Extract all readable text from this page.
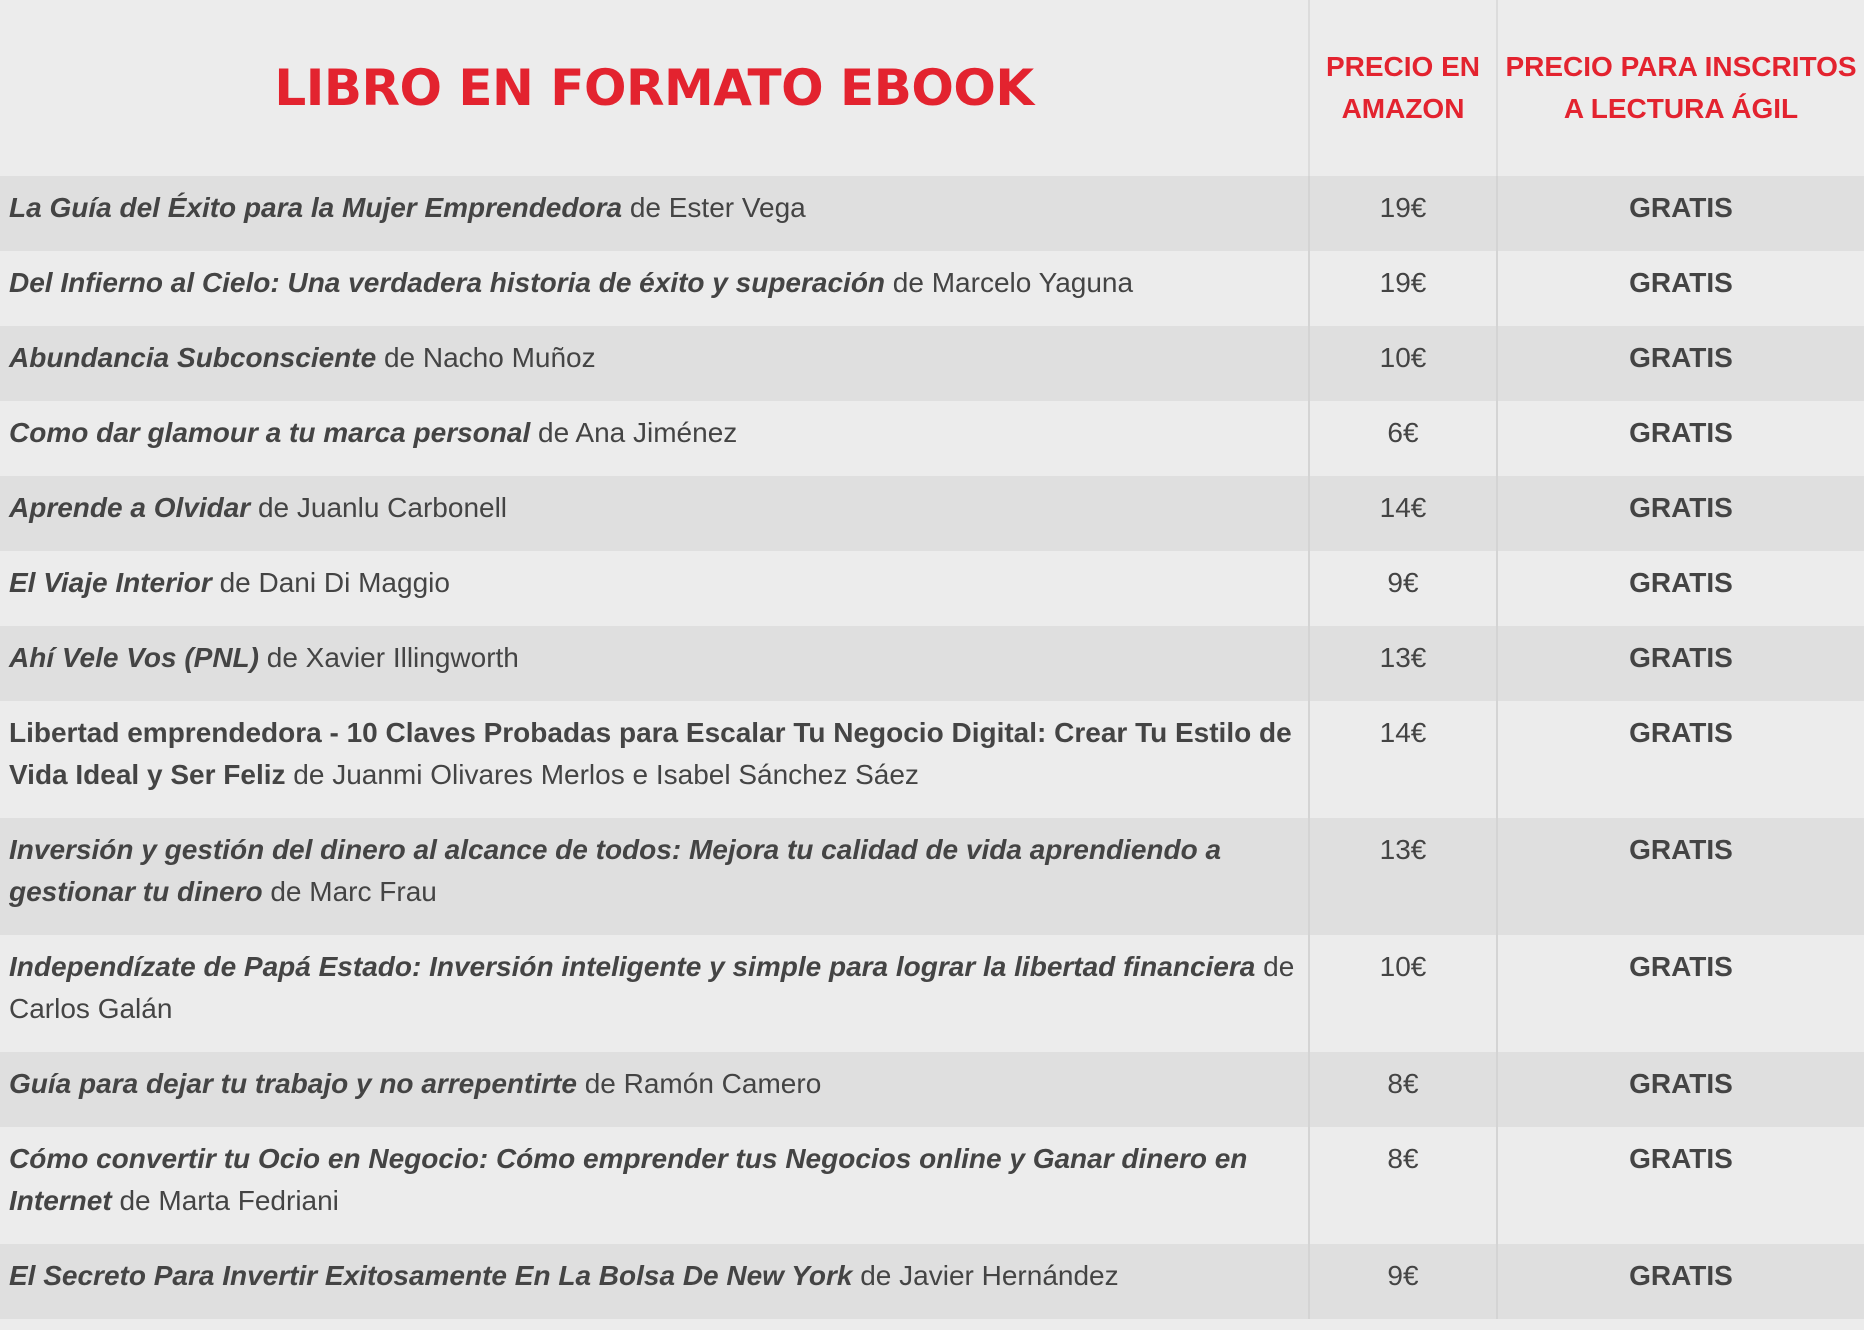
LIBRO EN FORMATO EBOOK	PRECIO EN AMAZON	PRECIO PARA INSCRITOS A LECTURA ÁGIL
La Guía del Éxito para la Mujer Emprendedora de Ester Vega	19€	GRATIS
Del Infierno al Cielo: Una verdadera historia de éxito y superación de Marcelo Yaguna	19€	GRATIS
Abundancia Subconsciente de Nacho Muñoz	10€	GRATIS
Como dar glamour a tu marca personal de Ana Jiménez	6€	GRATIS
Aprende a Olvidar de Juanlu Carbonell	14€	GRATIS
El Viaje Interior de Dani Di Maggio	9€	GRATIS
Ahí Vele Vos (PNL) de Xavier Illingworth	13€	GRATIS
Libertad emprendedora - 10 Claves Probadas para Escalar Tu Negocio Digital: Crear Tu Estilo de Vida Ideal y Ser Feliz de Juanmi Olivares Merlos e Isabel Sánchez Sáez	14€	GRATIS
Inversión y gestión del dinero al alcance de todos: Mejora tu calidad de vida aprendiendo a gestionar tu dinero de Marc Frau	13€	GRATIS
Independízate de Papá Estado: Inversión inteligente y simple para lograr la libertad financiera de Carlos Galán	10€	GRATIS
Guía para dejar tu trabajo y no arrepentirte de Ramón Camero	8€	GRATIS
Cómo convertir tu Ocio en Negocio: Cómo emprender tus Negocios online y Ganar dinero en Internet de Marta Fedriani	8€	GRATIS
El Secreto Para Invertir Exitosamente En La Bolsa De New York de Javier Hernández	9€	GRATIS
